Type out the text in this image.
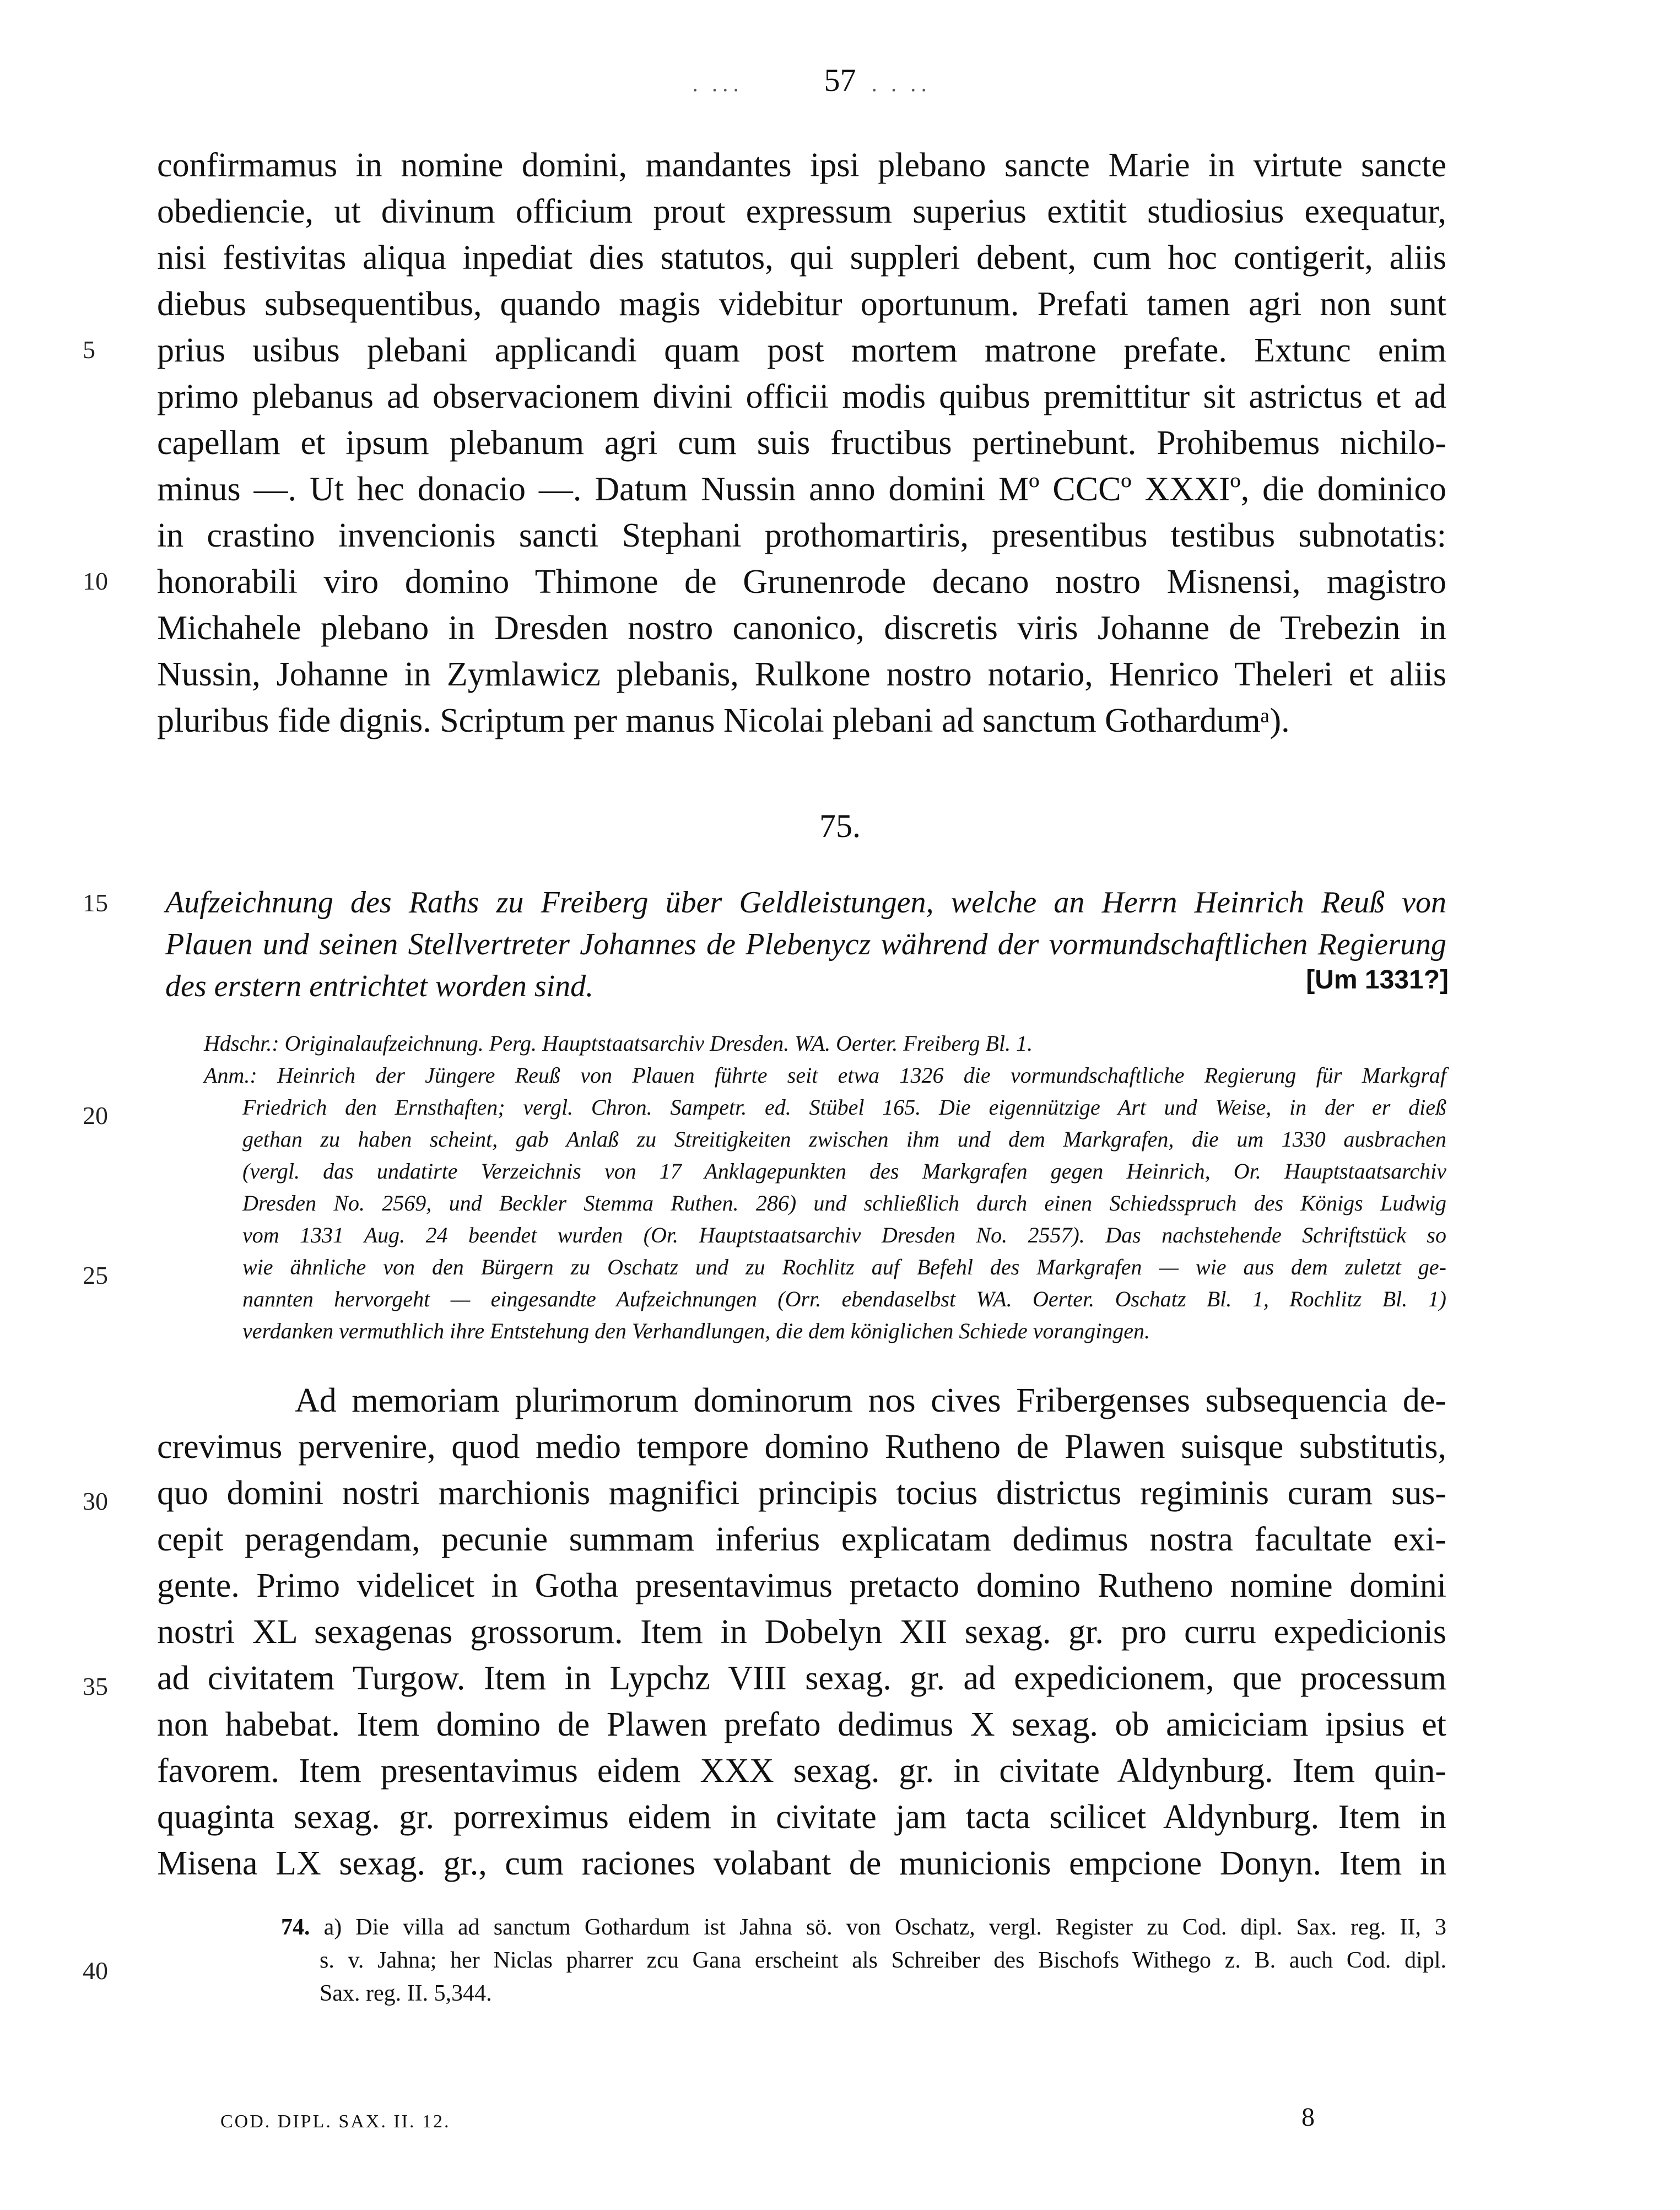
· ···	57 · · ··
confirmamus in nomine domini, mandantes ipsi plebano sancte Marie in virtute sancte
obediencie, ut divinum officium prout expressum superius extitit studiosius exequatur,
nisi festivitas aliqua inpediat dies statutos, qui suppleri debent, cum hoc contigerit, aliis
diebus subsequentibus, quando magis videbitur oportunum. Prefati tamen agri non sunt
prius usibus plebani applicandi quam post mortem matrone prefate. Extunc enim
primo plebanus ad observacionem divini officii modis quibus premittitur sit astrictus et ad
capellam et ipsum plebanum agri cum suis fructibus pertinebunt. Prohibemus nichilo-
minus —. Ut hec donacio —. Datum Nussin anno domini Mº CCCº XXXIº, die dominico
in crastino invencionis sancti Stephani prothomartiris, presentibus testibus subnotatis:
honorabili viro domino Thimone de Grunenrode decano nostro Misnensi, magistro
Michahele plebano in Dresden nostro canonico, discretis viris Johanne de Trebezin in
Nussin, Johanne in Zymlawicz plebanis, Rulkone nostro notario, Henrico Theleri et aliis
pluribus fide dignis. Scriptum per manus Nicolai plebani ad sanctum Gothardumᵃ).
5
10
15
20
25
30
35
40
75.
Aufzeichnung des Raths zu Freiberg über Geldleistungen, welche an Herrn Heinrich Reuß von
Plauen und seinen Stellvertreter Johannes de Plebenycz während der vormundschaftlichen Regierung
des erstern entrichtet worden sind.	[Um 1331?]
Hdschr.: Originalaufzeichnung. Perg. Hauptstaatsarchiv Dresden. WA. Oerter. Freiberg Bl. 1.
Anm.: Heinrich der Jüngere Reuß von Plauen führte seit etwa 1326 die vormundschaftliche Regierung für Markgraf
Friedrich den Ernsthaften; vergl. Chron. Sampetr. ed. Stübel 165. Die eigennützige Art und Weise, in der er dieß
gethan zu haben scheint, gab Anlaß zu Streitigkeiten zwischen ihm und dem Markgrafen, die um 1330 ausbrachen
(vergl. das undatirte Verzeichnis von 17 Anklagepunkten des Markgrafen gegen Heinrich, Or. Hauptstaatsarchiv
Dresden No. 2569, und Beckler Stemma Ruthen. 286) und schließlich durch einen Schiedsspruch des Königs Ludwig
vom 1331 Aug. 24 beendet wurden (Or. Hauptstaatsarchiv Dresden No. 2557). Das nachstehende Schriftstück so
wie ähnliche von den Bürgern zu Oschatz und zu Rochlitz auf Befehl des Markgrafen — wie aus dem zuletzt ge-
nannten hervorgeht — eingesandte Aufzeichnungen (Orr. ebendaselbst WA. Oerter. Oschatz Bl. 1, Rochlitz Bl. 1)
verdanken vermuthlich ihre Entstehung den Verhandlungen, die dem königlichen Schiede vorangingen.
Ad memoriam plurimorum dominorum nos cives Fribergenses subsequencia de-
crevimus pervenire, quod medio tempore domino Rutheno de Plawen suisque substitutis,
quo domini nostri marchionis magnifici principis tocius districtus regiminis curam sus-
cepit peragendam, pecunie summam inferius explicatam dedimus nostra facultate exi-
gente. Primo videlicet in Gotha presentavimus pretacto domino Rutheno nomine domini
nostri XL sexagenas grossorum. Item in Dobelyn XII sexag. gr. pro curru expedicionis
ad civitatem Turgow. Item in Lypchz VIII sexag. gr. ad expedicionem, que processum
non habebat. Item domino de Plawen prefato dedimus X sexag. ob amiciciam ipsius et
favorem. Item presentavimus eidem XXX sexag. gr. in civitate Aldynburg. Item quin-
quaginta sexag. gr. porreximus eidem in civitate jam tacta scilicet Aldynburg. Item in
Misena LX sexag. gr., cum raciones volabant de municionis empcione Donyn. Item in
74. a) Die villa ad sanctum Gothardum ist Jahna sö. von Oschatz, vergl. Register zu Cod. dipl. Sax. reg. II, 3
s. v. Jahna; her Niclas pharrer zcu Gana erscheint als Schreiber des Bischofs Withego z. B. auch Cod. dipl.
Sax. reg. II. 5,344.
COD. DIPL. SAX. II. 12.	8
